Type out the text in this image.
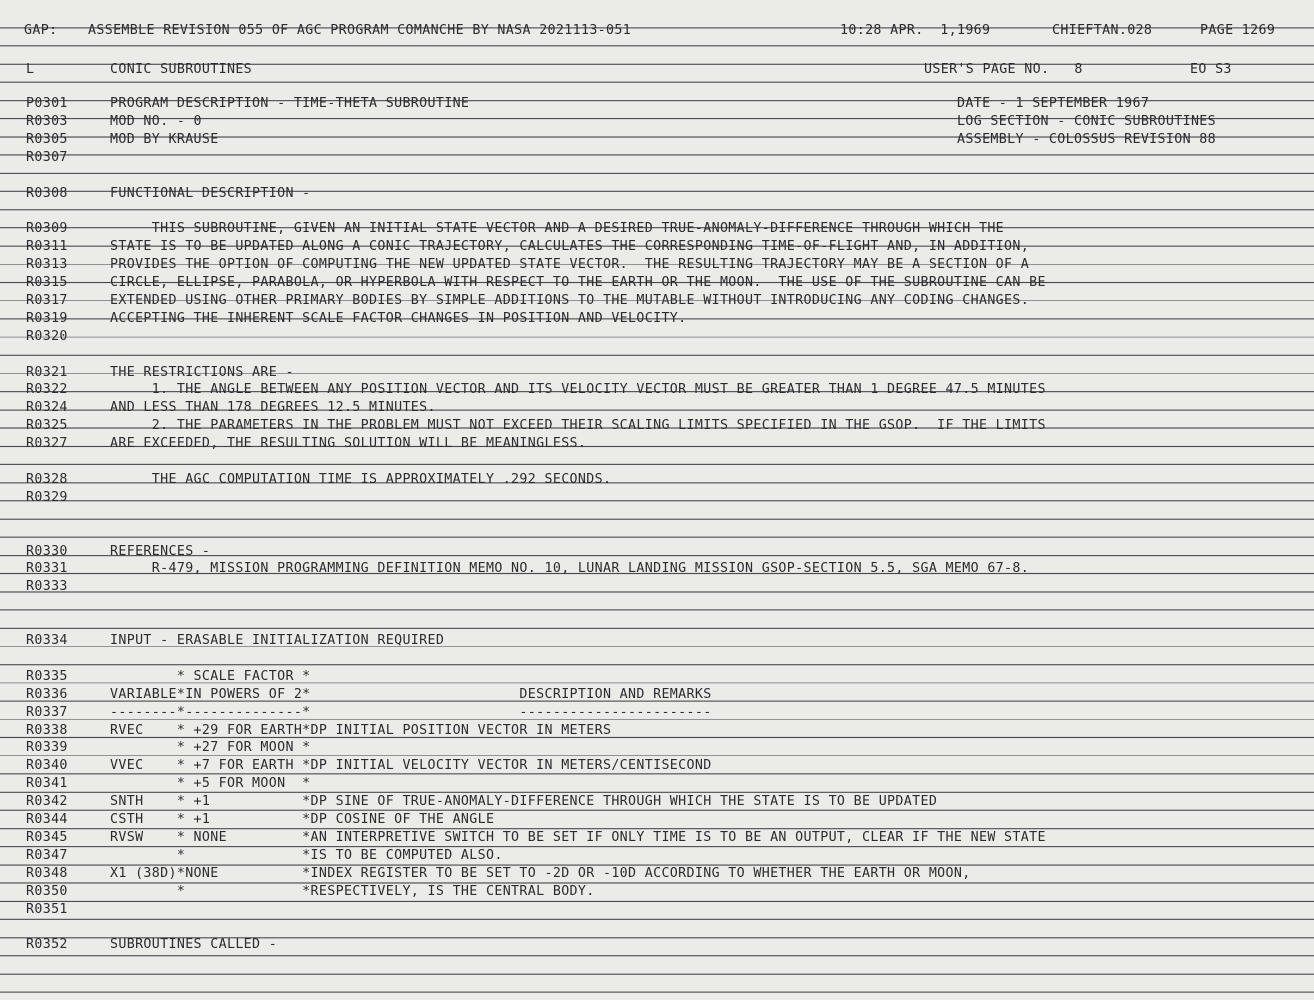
GAP:

ASSEMBLE REVISION 055 OF AGC PROGRAM COMANCHE BY NASA 2021113-051

	10:28 APR.  1,1969

	CHIEFTAN.028

	PAGE 1269

L

	CONIC SUBROUTINES

	USER'S PAGE NO.   8

	EO S3

P0301	PROGRAM DESCRIPTION - TIME-THETA SUBROUTINE	DATE - 1 SEPTEMBER 1967
R0303	MOD NO. - 0	LOG SECTION - CONIC SUBROUTINES
R0305	MOD BY KRAUSE	ASSEMBLY - COLOSSUS REVISION 88
R0307
R0308	FUNCTIONAL DESCRIPTION -
R0309	THIS SUBROUTINE, GIVEN AN INITIAL STATE VECTOR AND A DESIRED TRUE-ANOMALY-DIFFERENCE THROUGH WHICH THE
R0311	STATE IS TO BE UPDATED ALONG A CONIC TRAJECTORY, CALCULATES THE CORRESPONDING TIME-OF-FLIGHT AND, IN ADDITION,
R0313	PROVIDES THE OPTION OF COMPUTING THE NEW UPDATED STATE VECTOR.  THE RESULTING TRAJECTORY MAY BE A SECTION OF A
R0315	CIRCLE, ELLIPSE, PARABOLA, OR HYPERBOLA WITH RESPECT TO THE EARTH OR THE MOON.  THE USE OF THE SUBROUTINE CAN BE
R0317	EXTENDED USING OTHER PRIMARY BODIES BY SIMPLE ADDITIONS TO THE MUTABLE WITHOUT INTRODUCING ANY CODING CHANGES.
R0319	ACCEPTING THE INHERENT SCALE FACTOR CHANGES IN POSITION AND VELOCITY.
R0320
R0321	THE RESTRICTIONS ARE -
R0322	1. THE ANGLE BETWEEN ANY POSITION VECTOR AND ITS VELOCITY VECTOR MUST BE GREATER THAN 1 DEGREE 47.5 MINUTES
R0324	AND LESS THAN 178 DEGREES 12.5 MINUTES.
R0325	2. THE PARAMETERS IN THE PROBLEM MUST NOT EXCEED THEIR SCALING LIMITS SPECIFIED IN THE GSOP.  IF THE LIMITS
R0327	ARE EXCEEDED, THE RESULTING SOLUTION WILL BE MEANINGLESS.
R0328	THE AGC COMPUTATION TIME IS APPROXIMATELY .292 SECONDS.
R0329
R0330	REFERENCES -
R0331	R-479, MISSION PROGRAMMING DEFINITION MEMO NO. 10, LUNAR LANDING MISSION GSOP-SECTION 5.5, SGA MEMO 67-8.
R0333
R0334	INPUT - ERASABLE INITIALIZATION REQUIRED
R0335	* SCALE FACTOR *
R0336	VARIABLE*IN POWERS OF 2*                         DESCRIPTION AND REMARKS
R0337	--------*--------------*                         -----------------------
R0338	RVEC    * +29 FOR EARTH*DP INITIAL POSITION VECTOR IN METERS
R0339	* +27 FOR MOON *
R0340	VVEC    * +7 FOR EARTH *DP INITIAL VELOCITY VECTOR IN METERS/CENTISECOND
R0341	* +5 FOR MOON  *
R0342	SNTH    * +1           *DP SINE OF TRUE-ANOMALY-DIFFERENCE THROUGH WHICH THE STATE IS TO BE UPDATED
R0344	CSTH    * +1           *DP COSINE OF THE ANGLE
R0345	RVSW    * NONE         *AN INTERPRETIVE SWITCH TO BE SET IF ONLY TIME IS TO BE AN OUTPUT, CLEAR IF THE NEW STATE
R0347	*              *IS TO BE COMPUTED ALSO.
R0348	X1 (38D)*NONE          *INDEX REGISTER TO BE SET TO -2D OR -10D ACCORDING TO WHETHER THE EARTH OR MOON,
R0350	*              *RESPECTIVELY, IS THE CENTRAL BODY.
R0351
R0352	SUBROUTINES CALLED -
